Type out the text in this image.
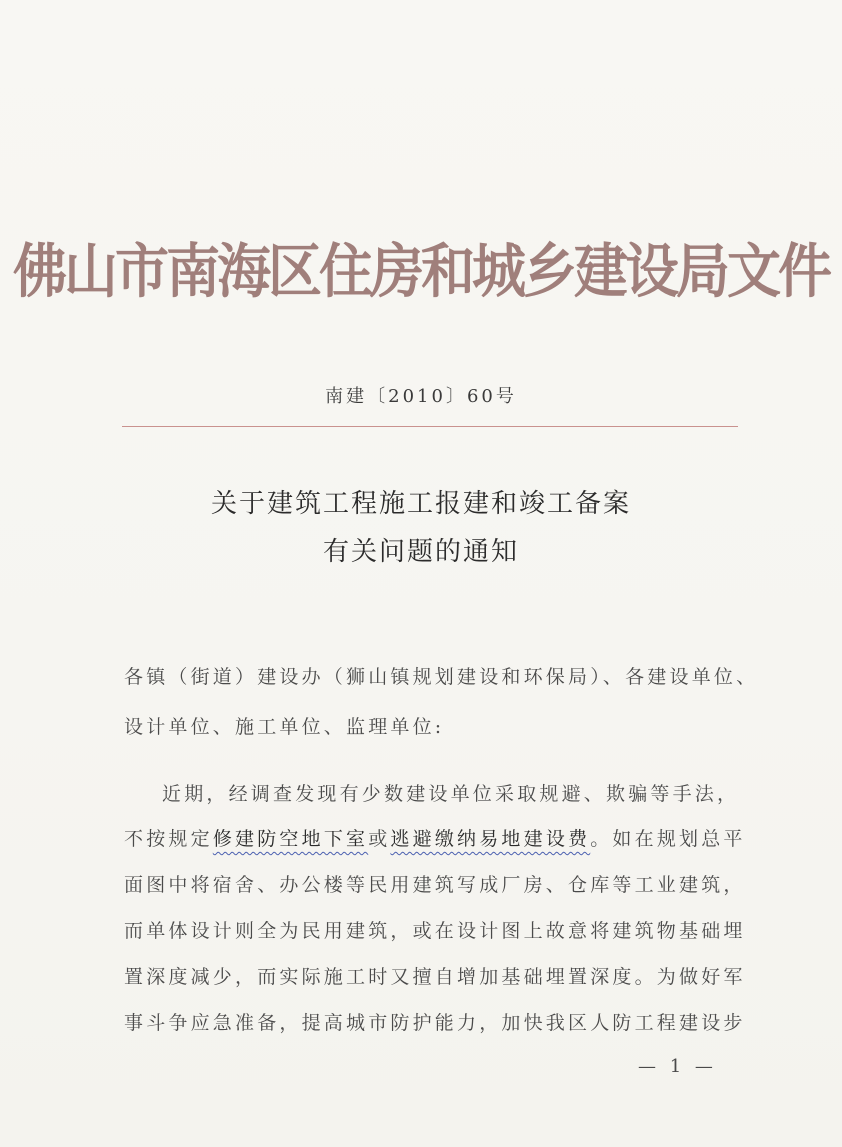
佛山市南海区住房和城乡建设局文件
南建〔2010〕60号
关于建筑工程施工报建和竣工备案
有关问题的通知
各镇（街道）建设办（狮山镇规划建设和环保局）、各建设单位、
设计单位、施工单位、监理单位:
近期，经调查发现有少数建设单位采取规避、欺骗等手法，
不按规定修建防空地下室或逃避缴纳易地建设费。如在规划总平
面图中将宿舍、办公楼等民用建筑写成厂房、仓库等工业建筑，
而单体设计则全为民用建筑，或在设计图上故意将建筑物基础埋
置深度减少，而实际施工时又擅自增加基础埋置深度。为做好军
事斗争应急准备，提高城市防护能力，加快我区人防工程建设步
— 1 —
